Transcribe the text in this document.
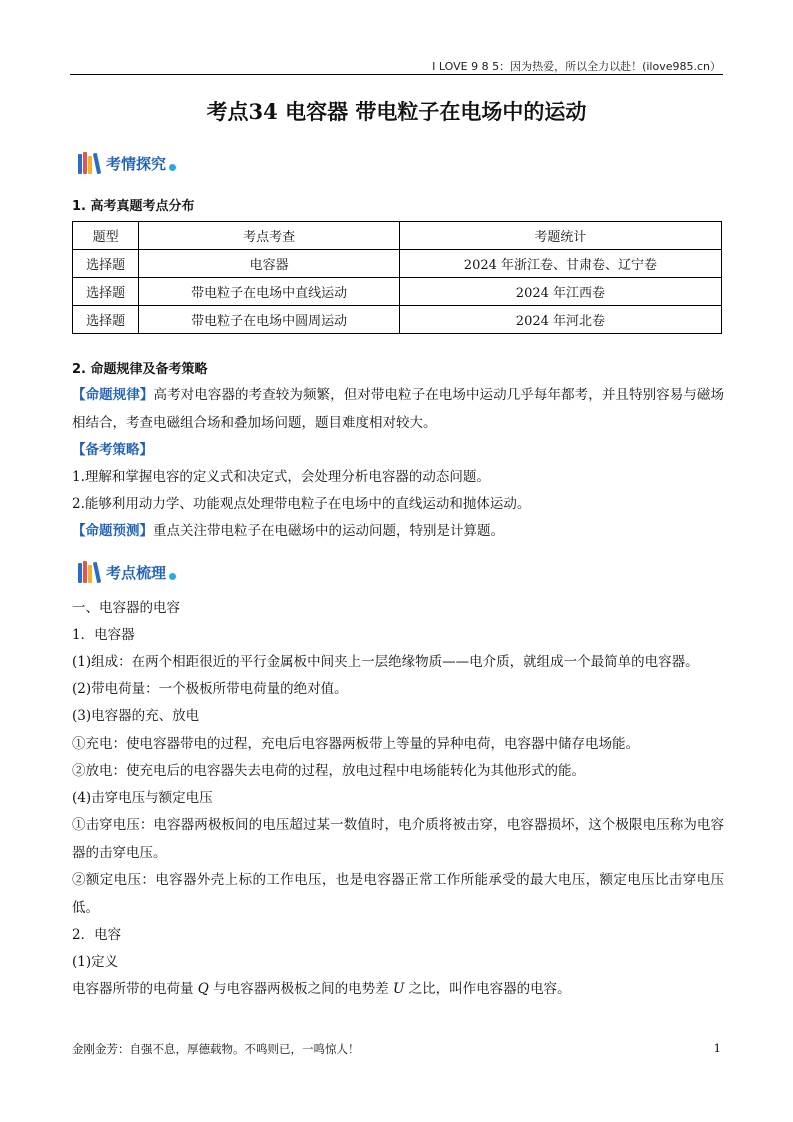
I LOVE 9 8 5：因为热爱，所以全力以赴！(ilove985.cn）
考点34 电容器 带电粒子在电场中的运动
考情探究
1. 高考真题考点分布
题型	考点考查	考题统计
选择题	电容器	2024 年浙江卷、甘肃卷、辽宁卷
选择题	带电粒子在电场中直线运动	2024 年江西卷
选择题	带电粒子在电场中圆周运动	2024 年河北卷
2. 命题规律及备考策略
【命题规律】高考对电容器的考查较为频繁，但对带电粒子在电场中运动几乎每年都考，并且特别容易与磁场相结合，考查电磁组合场和叠加场问题，题目难度相对较大。
【备考策略】
1.理解和掌握电容的定义式和决定式，会处理分析电容器的动态问题。
2.能够利用动力学、功能观点处理带电粒子在电场中的直线运动和抛体运动。
【命题预测】重点关注带电粒子在电磁场中的运动问题，特别是计算题。
考点梳理
一、电容器的电容
1．电容器
(1)组成：在两个相距很近的平行金属板中间夹上一层绝缘物质——电介质，就组成一个最简单的电容器。
(2)带电荷量：一个极板所带电荷量的绝对值。
(3)电容器的充、放电
①充电：使电容器带电的过程，充电后电容器两板带上等量的异种电荷，电容器中储存电场能。
②放电：使充电后的电容器失去电荷的过程，放电过程中电场能转化为其他形式的能。
(4)击穿电压与额定电压
①击穿电压：电容器两极板间的电压超过某一数值时，电介质将被击穿，电容器损坏，这个极限电压称为电容器的击穿电压。
②额定电压：电容器外壳上标的工作电压，也是电容器正常工作所能承受的最大电压，额定电压比击穿电压低。
2．电容
(1)定义
电容器所带的电荷量 Q 与电容器两极板之间的电势差 U 之比，叫作电容器的电容。
金刚金芳：自强不息，厚德载物。不鸣则已，一鸣惊人！	1
